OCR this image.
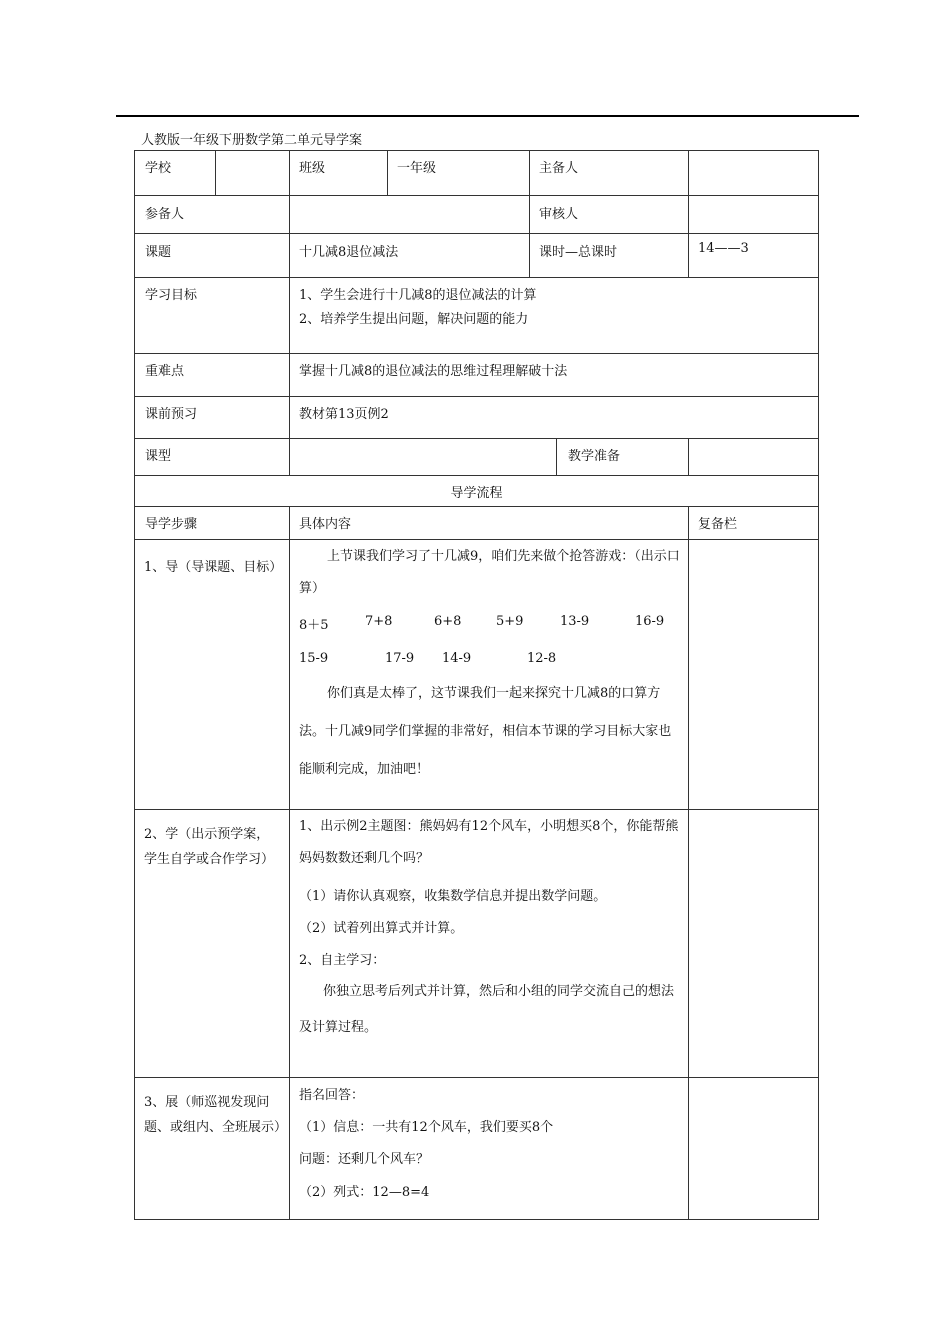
人教版一年级下册数学第二单元导学案
学校	班级	一年级	主备人
参备人	审核人
课题	十几减8退位减法	课时—总课时	14——3
学习目标	1、学生会进行十几减8的退位减法的计算
2、培养学生提出问题，解决问题的能力
重难点	掌握十几减8的退位减法的思维过程理解破十法
课前预习	教材第13页例2
课型	教学准备
导学流程
导学步骤	具体内容	复备栏
1、导（导课题、目标）
上节课我们学习了十几减9，咱们先来做个抢答游戏：（出示口算）
8＋5	7+8	6+8	5+9	13-9	16-9
15-9	17-9 14-9	12-8
你们真是太棒了，这节课我们一起来探究十几减8的口算方法。十几减9同学们掌握的非常好，相信本节课的学习目标大家也能顺利完成，加油吧！
2、学（出示预学案，学生自学或合作学习）
1、出示例2主题图：熊妈妈有12个风车，小明想买8个，你能帮熊妈妈数数还剩几个吗？
（1）请你认真观察，收集数学信息并提出数学问题。
（2）试着列出算式并计算。
2、自主学习：
你独立思考后列式并计算，然后和小组的同学交流自己的想法及计算过程。
3、展（师巡视发现问题、或组内、全班展示）
指名回答：
（1）信息：一共有12个风车，我们要买8个
问题：还剩几个风车？
（2）列式：12—8=4
